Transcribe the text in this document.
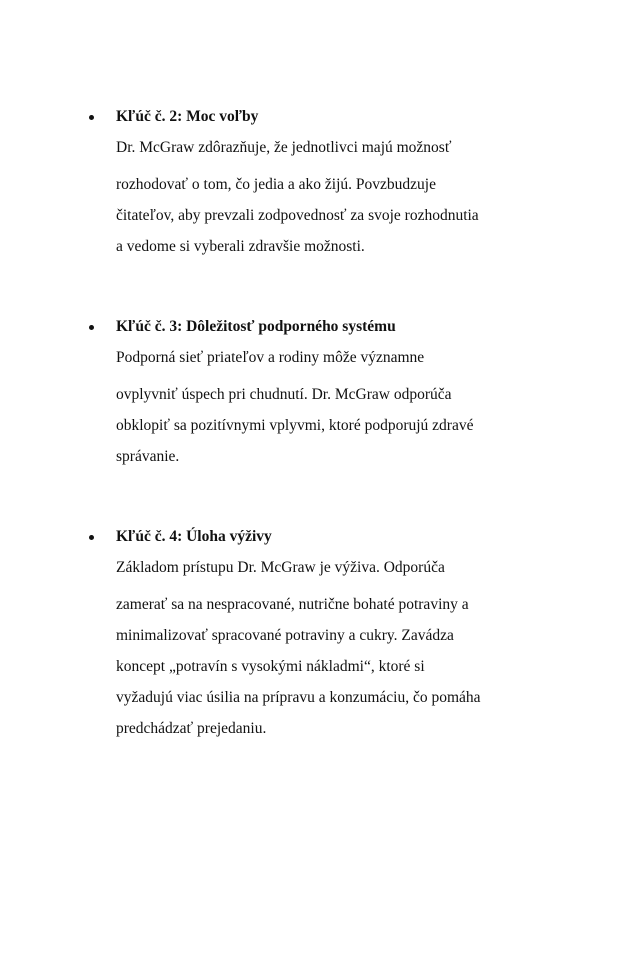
Kľúč č. 2: Moc voľby

Dr. McGraw zdôrazňuje, že jednotlivci majú možnosť

rozhodovať o tom, čo jedia a ako žijú. Povzbudzuje

čitateľov, aby prevzali zodpovednosť za svoje rozhodnutia

a vedome si vyberali zdravšie možnosti.

Kľúč č. 3: Dôležitosť podporného systému

Podporná sieť priateľov a rodiny môže významne

ovplyvniť úspech pri chudnutí. Dr. McGraw odporúča

obklopiť sa pozitívnymi vplyvmi, ktoré podporujú zdravé

správanie.

Kľúč č. 4: Úloha výživy

Základom prístupu Dr. McGraw je výživa. Odporúča

zamerať sa na nespracované, nutrične bohaté potraviny a

minimalizovať spracované potraviny a cukry. Zavádza

koncept „potravín s vysokými nákladmi“, ktoré si

vyžadujú viac úsilia na prípravu a konzumáciu, čo pomáha

predchádzať prejedaniu.
